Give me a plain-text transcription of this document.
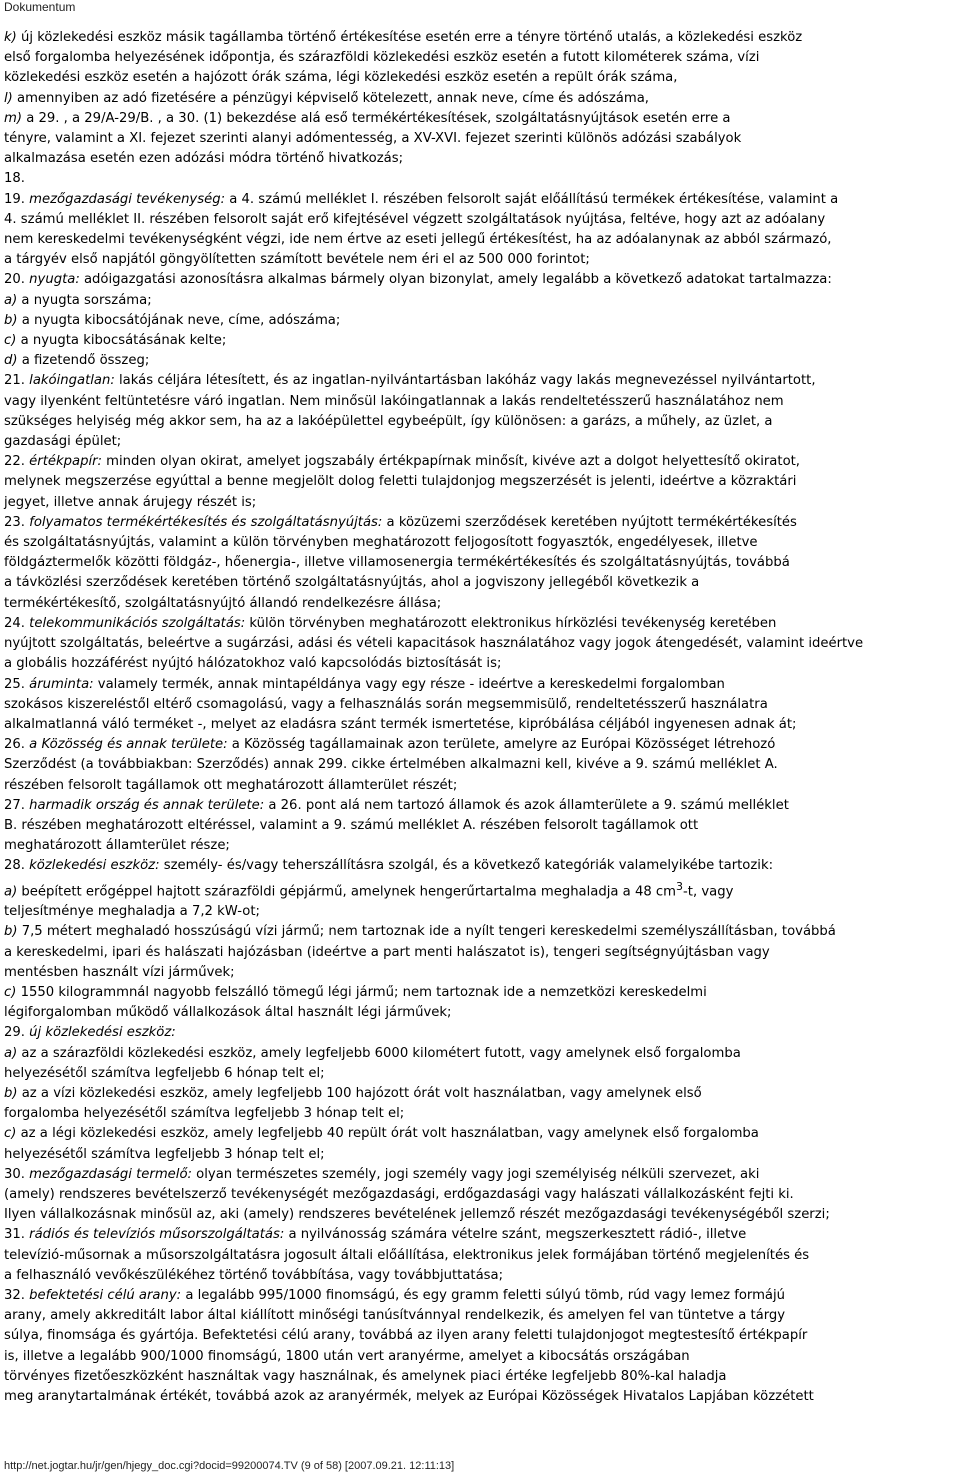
Dokumentum

k) új közlekedési eszköz másik tagállamba történő értékesítése esetén erre a tényre történő utalás, a közlekedési eszköz

első forgalomba helyezésének időpontja, és szárazföldi közlekedési eszköz esetén a futott kilométerek száma, vízi

közlekedési eszköz esetén a hajózott órák száma, légi közlekedési eszköz esetén a repült órák száma,

l) amennyiben az adó fizetésére a pénzügyi képviselő kötelezett, annak neve, címe és adószáma,

m) a 29. , a 29/A-29/B. , a 30. (1) bekezdése alá eső termékértékesítések, szolgáltatásnyújtások esetén erre a

tényre, valamint a XI. fejezet szerinti alanyi adómentesség, a XV-XVI. fejezet szerinti különös adózási szabályok

alkalmazása esetén ezen adózási módra történő hivatkozás;

18.

19. mezőgazdasági tevékenység: a 4. számú melléklet I. részében felsorolt saját előállítású termékek értékesítése, valamint a

4. számú melléklet II. részében felsorolt saját erő kifejtésével végzett szolgáltatások nyújtása, feltéve, hogy azt az adóalany

nem kereskedelmi tevékenységként végzi, ide nem értve az eseti jellegű értékesítést, ha az adóalanynak az abból származó,

a tárgyév első napjától göngyölítetten számított bevétele nem éri el az 500 000 forintot;

20. nyugta: adóigazgatási azonosításra alkalmas bármely olyan bizonylat, amely legalább a következő adatokat tartalmazza:

a) a nyugta sorszáma;

b) a nyugta kibocsátójának neve, címe, adószáma;

c) a nyugta kibocsátásának kelte;

d) a fizetendő összeg;

21. lakóingatlan: lakás céljára létesített, és az ingatlan-nyilvántartásban lakóház vagy lakás megnevezéssel nyilvántartott,

vagy ilyenként feltüntetésre váró ingatlan. Nem minősül lakóingatlannak a lakás rendeltetésszerű használatához nem

szükséges helyiség még akkor sem, ha az a lakóépülettel egybeépült, így különösen: a garázs, a műhely, az üzlet, a

gazdasági épület;

22. értékpapír: minden olyan okirat, amelyet jogszabály értékpapírnak minősít, kivéve azt a dolgot helyettesítő okiratot,

melynek megszerzése egyúttal a benne megjelölt dolog feletti tulajdonjog megszerzését is jelenti, ideértve a közraktári

jegyet, illetve annak árujegy részét is;

23. folyamatos termékértékesítés és szolgáltatásnyújtás: a közüzemi szerződések keretében nyújtott termékértékesítés

és szolgáltatásnyújtás, valamint a külön törvényben meghatározott feljogosított fogyasztók, engedélyesek, illetve

földgáztermelők közötti földgáz-, hőenergia-, illetve villamosenergia termékértékesítés és szolgáltatásnyújtás, továbbá

a távközlési szerződések keretében történő szolgáltatásnyújtás, ahol a jogviszony jellegéből következik a

termékértékesítő, szolgáltatásnyújtó állandó rendelkezésre állása;

24. telekommunikációs szolgáltatás: külön törvényben meghatározott elektronikus hírközlési tevékenység keretében

nyújtott szolgáltatás, beleértve a sugárzási, adási és vételi kapacitások használatához vagy jogok átengedését, valamint ideértve

a globális hozzáférést nyújtó hálózatokhoz való kapcsolódás biztosítását is;

25. áruminta: valamely termék, annak mintapéldánya vagy egy része - ideértve a kereskedelmi forgalomban

szokásos kiszereléstől eltérő csomagolású, vagy a felhasználás során megsemmisülő, rendeltetésszerű használatra

alkalmatlanná váló terméket -, melyet az eladásra szánt termék ismertetése, kipróbálása céljából ingyenesen adnak át;

26. a Közösség és annak területe: a Közösség tagállamainak azon területe, amelyre az Európai Közösséget létrehozó

Szerződést (a továbbiakban: Szerződés) annak 299. cikke értelmében alkalmazni kell, kivéve a 9. számú melléklet A.

részében felsorolt tagállamok ott meghatározott államterület részét;

27. harmadik ország és annak területe: a 26. pont alá nem tartozó államok és azok államterülete a 9. számú melléklet

B. részében meghatározott eltéréssel, valamint a 9. számú melléklet A. részében felsorolt tagállamok ott

meghatározott államterület része;

28. közlekedési eszköz: személy- és/vagy teherszállításra szolgál, és a következő kategóriák valamelyikébe tartozik:

a) beépített erőgéppel hajtott szárazföldi gépjármű, amelynek hengerűrtartalma meghaladja a 48 $cm^3-t$, vagy

teljesítménye meghaladja a 7,2 kW-ot;

b) 7,5 métert meghaladó hosszúságú vízi jármű; nem tartoznak ide a nyílt tengeri kereskedelmi személyszállításban, továbbá

a kereskedelmi, ipari és halászati hajózásban (ideértve a part menti halászatot is), tengeri segítségnyújtásban vagy

mentésben használt vízi járművek;

c) 1550 kilogrammnál nagyobb felszálló tömegű légi jármű; nem tartoznak ide a nemzetközi kereskedelmi

légiforgalomban működő vállalkozások által használt légi járművek;

29. új közlekedési eszköz:

a) az a szárazföldi közlekedési eszköz, amely legfeljebb 6000 kilométert futott, vagy amelynek első forgalomba

helyezésétől számítva legfeljebb 6 hónap telt el;

b) az a vízi közlekedési eszköz, amely legfeljebb 100 hajózott órát volt használatban, vagy amelynek első

forgalomba helyezésétől számítva legfeljebb 3 hónap telt el;

c) az a légi közlekedési eszköz, amely legfeljebb 40 repült órát volt használatban, vagy amelynek első forgalomba

helyezésétől számítva legfeljebb 3 hónap telt el;

30. mezőgazdasági termelő: olyan természetes személy, jogi személy vagy jogi személyiség nélküli szervezet, aki

(amely) rendszeres bevételszerző tevékenységét mezőgazdasági, erdőgazdasági vagy halászati vállalkozásként fejti ki.

Ilyen vállalkozásnak minősül az, aki (amely) rendszeres bevételének jellemző részét mezőgazdasági tevékenységéből szerzi;

31. rádiós és televíziós műsorszolgáltatás: a nyilvánosság számára vételre szánt, megszerkesztett rádió-, illetve

televízió-műsornak a műsorszolgáltatásra jogosult általi előállítása, elektronikus jelek formájában történő megjelenítés és

a felhasználó vevőkészülékéhez történő továbbítása, vagy továbbjuttatása;

32. befektetési célú arany: a legalább 995/1000 finomságú, és egy gramm feletti súlyú tömb, rúd vagy lemez formájú

arany, amely akkreditált labor által kiállított minőségi tanúsítvánnyal rendelkezik, és amelyen fel van tüntetve a tárgy

súlya, finomsága és gyártója. Befektetési célú arany, továbbá az ilyen arany feletti tulajdonjogot megtestesítő értékpapír

is, illetve a legalább 900/1000 finomságú, 1800 után vert aranyérme, amelyet a kibocsátás országában

törvényes fizetőeszközként használtak vagy használnak, és amelynek piaci értéke legfeljebb 80%-kal haladja

meg aranytartalmának értékét, továbbá azok az aranyérmék, melyek az Európai Közösségek Hivatalos Lapjában közzétett

http://net.jogtar.hu/jr/gen/hjegy_doc.cgi?docid=99200074.TV (9 of 58) [2007.09.21. 12:11:13]
